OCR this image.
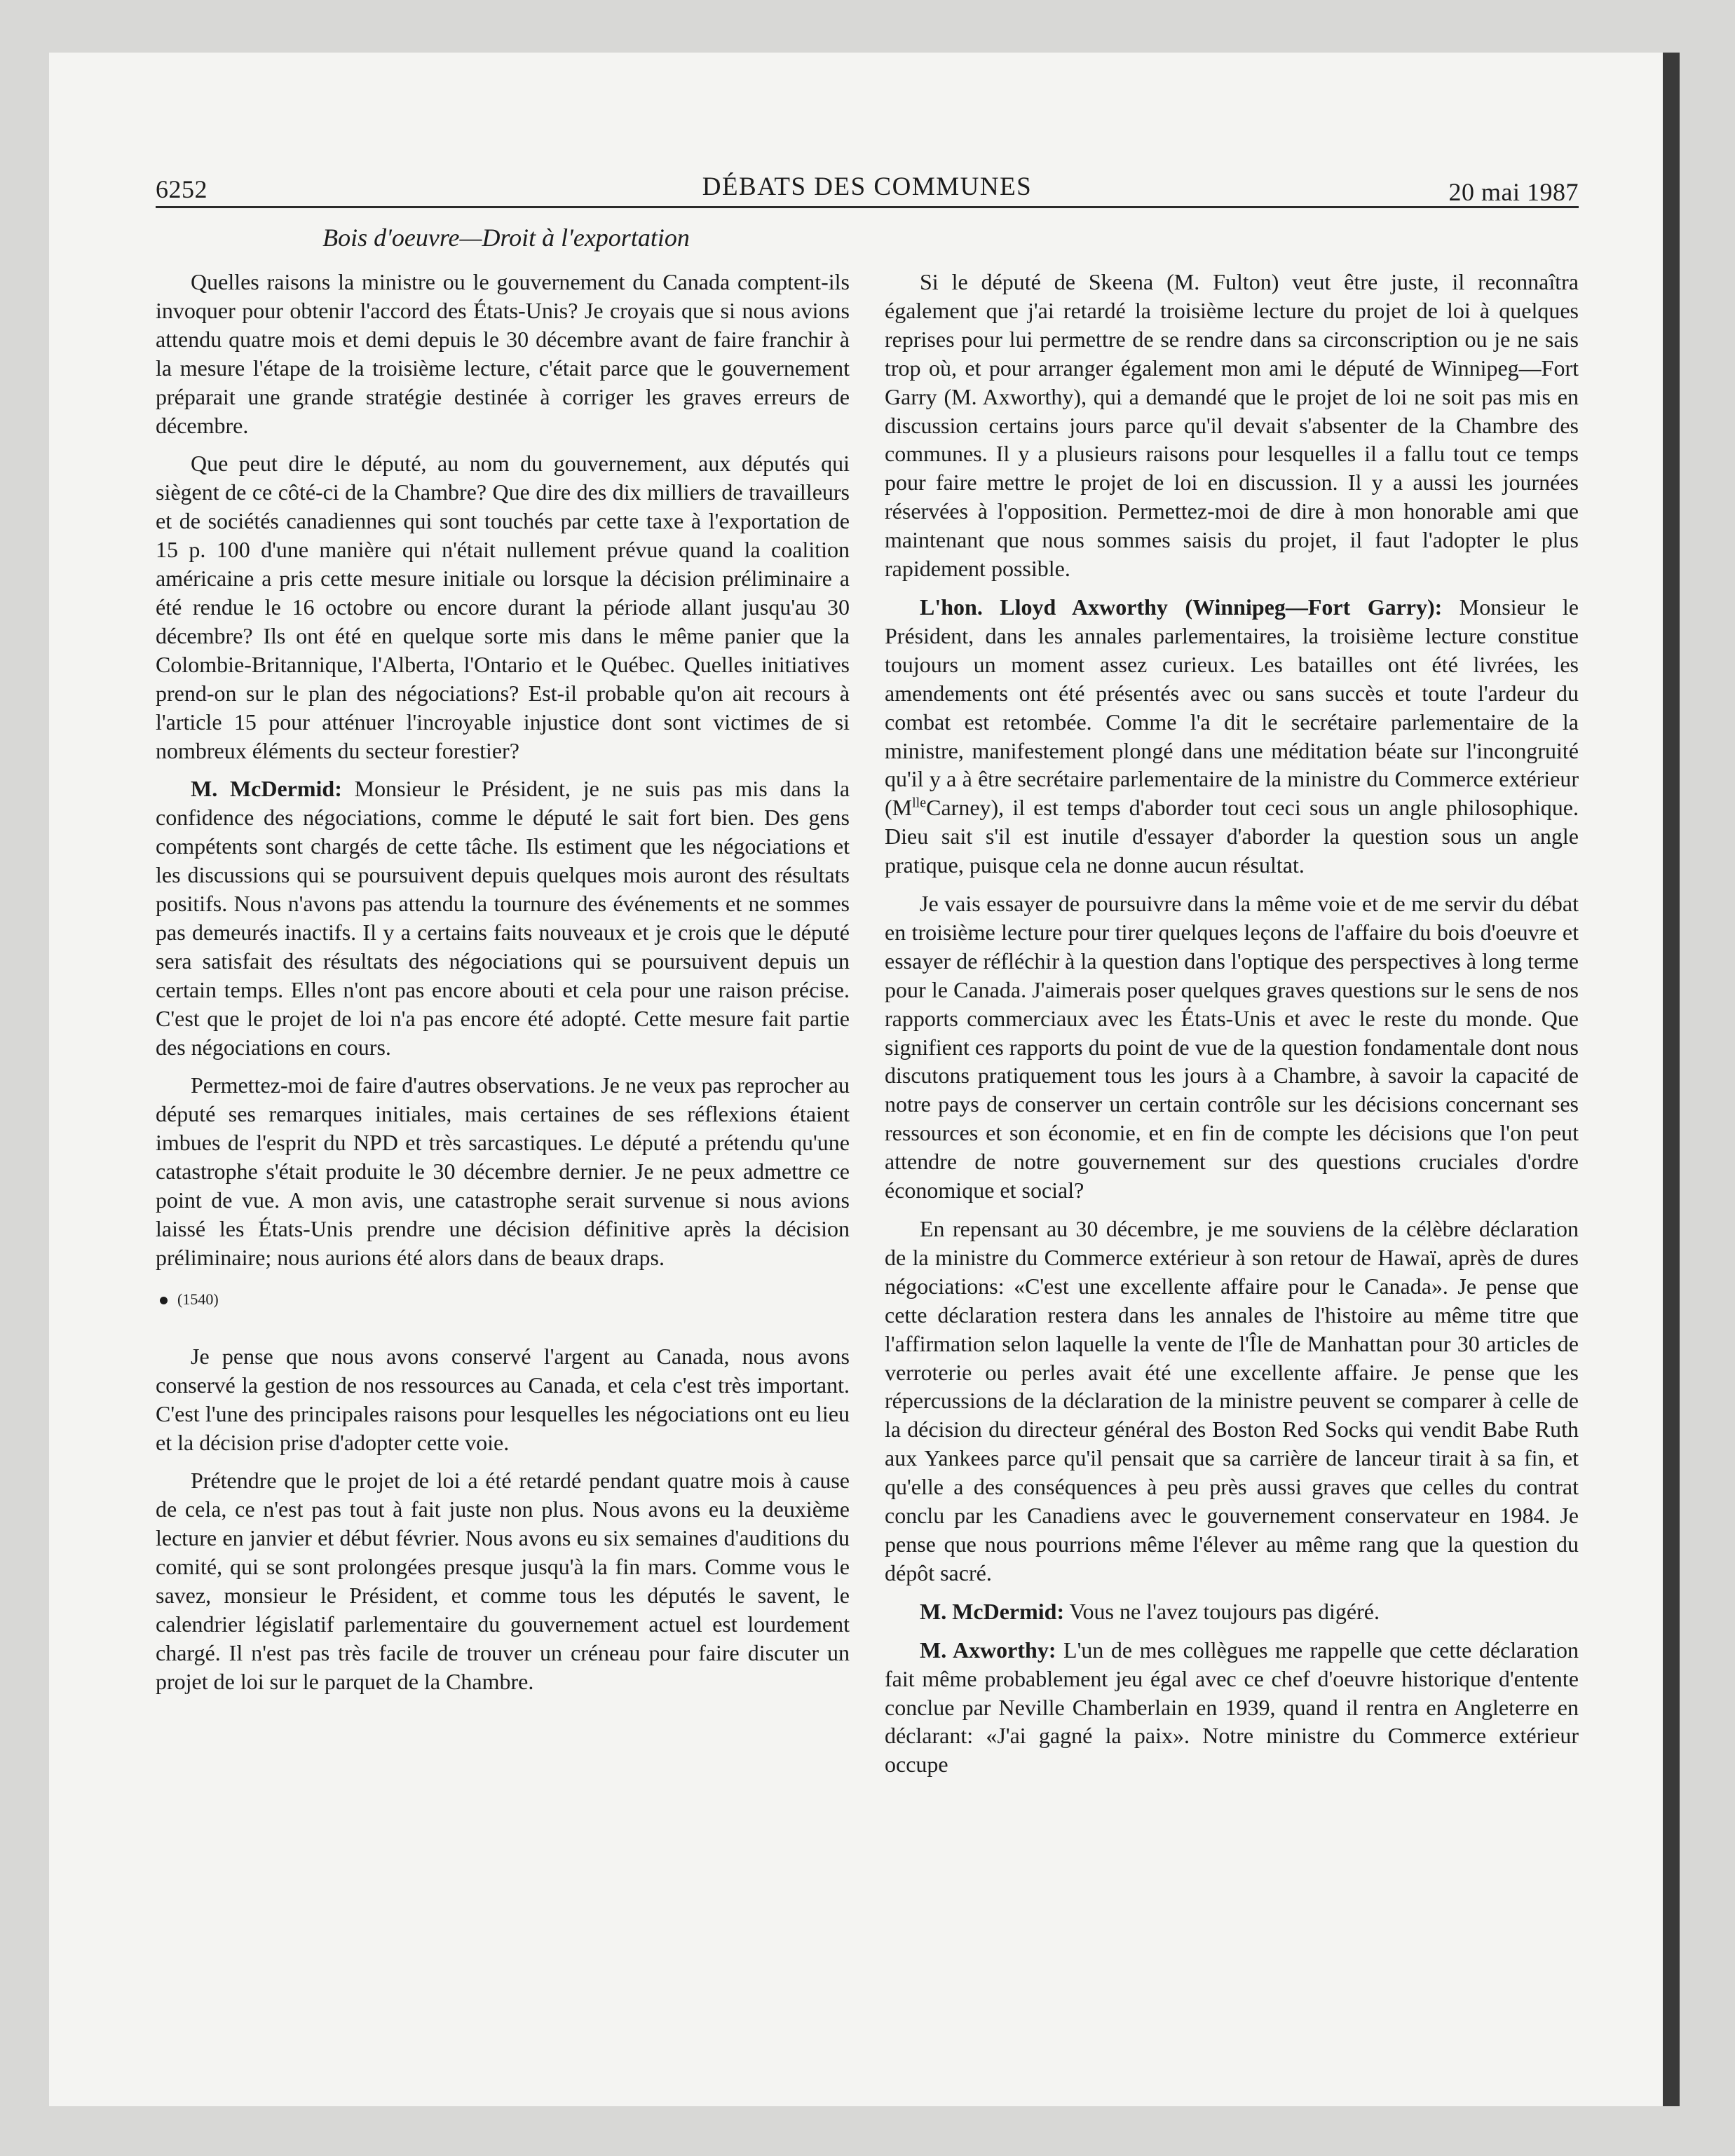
6252	DÉBATS DES COMMUNES	20 mai 1987
Bois d'oeuvre—Droit à l'exportation

Quelles raisons la ministre ou le gouvernement du Canada comptent-ils invoquer pour obtenir l'accord des États-Unis? Je croyais que si nous avions attendu quatre mois et demi depuis le 30 décembre avant de faire franchir à la mesure l'étape de la troisième lecture, c'était parce que le gouvernement préparait une grande stratégie destinée à corriger les graves erreurs de décembre.

Que peut dire le député, au nom du gouvernement, aux députés qui siègent de ce côté-ci de la Chambre? Que dire des dix milliers de travailleurs et de sociétés canadiennes qui sont touchés par cette taxe à l'exportation de 15 p. 100 d'une manière qui n'était nullement prévue quand la coalition américaine a pris cette mesure initiale ou lorsque la décision préliminaire a été rendue le 16 octobre ou encore durant la période allant jusqu'au 30 décembre? Ils ont été en quelque sorte mis dans le même panier que la Colombie-Britannique, l'Alberta, l'Ontario et le Québec. Quelles initiatives prend-on sur le plan des négociations? Est-il probable qu'on ait recours à l'article 15 pour atténuer l'incroyable injustice dont sont victimes de si nombreux éléments du secteur forestier?

M. McDermid: Monsieur le Président, je ne suis pas mis dans la confidence des négociations, comme le député le sait fort bien. Des gens compétents sont chargés de cette tâche. Ils estiment que les négociations et les discussions qui se poursuivent depuis quelques mois auront des résultats positifs. Nous n'avons pas attendu la tournure des événements et ne sommes pas demeurés inactifs. Il y a certains faits nouveaux et je crois que le député sera satisfait des résultats des négociations qui se poursuivent depuis un certain temps. Elles n'ont pas encore abouti et cela pour une raison précise. C'est que le projet de loi n'a pas encore été adopté. Cette mesure fait partie des négociations en cours.

Permettez-moi de faire d'autres observations. Je ne veux pas reprocher au député ses remarques initiales, mais certaines de ses réflexions étaient imbues de l'esprit du NPD et très sarcastiques. Le député a prétendu qu'une catastrophe s'était produite le 30 décembre dernier. Je ne peux admettre ce point de vue. A mon avis, une catastrophe serait survenue si nous avions laissé les États-Unis prendre une décision définitive après la décision préliminaire; nous aurions été alors dans de beaux draps.

(1540)

Je pense que nous avons conservé l'argent au Canada, nous avons conservé la gestion de nos ressources au Canada, et cela c'est très important. C'est l'une des principales raisons pour lesquelles les négociations ont eu lieu et la décision prise d'adopter cette voie.

Prétendre que le projet de loi a été retardé pendant quatre mois à cause de cela, ce n'est pas tout à fait juste non plus. Nous avons eu la deuxième lecture en janvier et début février. Nous avons eu six semaines d'auditions du comité, qui se sont prolongées presque jusqu'à la fin mars. Comme vous le savez, monsieur le Président, et comme tous les députés le savent, le calendrier législatif parlementaire du gouvernement actuel est lourdement chargé. Il n'est pas très facile de trouver un créneau pour faire discuter un projet de loi sur le parquet de la Chambre.

Si le député de Skeena (M. Fulton) veut être juste, il reconnaîtra également que j'ai retardé la troisième lecture du projet de loi à quelques reprises pour lui permettre de se rendre dans sa circonscription ou je ne sais trop où, et pour arranger également mon ami le député de Winnipeg—Fort Garry (M. Axworthy), qui a demandé que le projet de loi ne soit pas mis en discussion certains jours parce qu'il devait s'absenter de la Chambre des communes. Il y a plusieurs raisons pour lesquelles il a fallu tout ce temps pour faire mettre le projet de loi en discussion. Il y a aussi les journées réservées à l'opposition. Permettez-moi de dire à mon honorable ami que maintenant que nous sommes saisis du projet, il faut l'adopter le plus rapidement possible.

L'hon. Lloyd Axworthy (Winnipeg—Fort Garry): Monsieur le Président, dans les annales parlementaires, la troisième lecture constitue toujours un moment assez curieux. Les batailles ont été livrées, les amendements ont été présentés avec ou sans succès et toute l'ardeur du combat est retombée. Comme l'a dit le secrétaire parlementaire de la ministre, manifestement plongé dans une méditation béate sur l'incongruité qu'il y a à être secrétaire parlementaire de la ministre du Commerce extérieur $(M^{lle}Carney)$, il est temps d'aborder tout ceci sous un angle philosophique. Dieu sait s'il est inutile d'essayer d'aborder la question sous un angle pratique, puisque cela ne donne aucun résultat.

Je vais essayer de poursuivre dans la même voie et de me servir du débat en troisième lecture pour tirer quelques leçons de l'affaire du bois d'oeuvre et essayer de réfléchir à la question dans l'optique des perspectives à long terme pour le Canada. J'aimerais poser quelques graves questions sur le sens de nos rapports commerciaux avec les États-Unis et avec le reste du monde. Que signifient ces rapports du point de vue de la question fondamentale dont nous discutons pratiquement tous les jours à a Chambre, à savoir la capacité de notre pays de conserver un certain contrôle sur les décisions concernant ses ressources et son économie, et en fin de compte les décisions que l'on peut attendre de notre gouvernement sur des questions cruciales d'ordre économique et social?

En repensant au 30 décembre, je me souviens de la célèbre déclaration de la ministre du Commerce extérieur à son retour de Hawaï, après de dures négociations: «C'est une excellente affaire pour le Canada». Je pense que cette déclaration restera dans les annales de l'histoire au même titre que l'affirmation selon laquelle la vente de l'Île de Manhattan pour 30 articles de verroterie ou perles avait été une excellente affaire. Je pense que les répercussions de la déclaration de la ministre peuvent se comparer à celle de la décision du directeur général des Boston Red Socks qui vendit Babe Ruth aux Yankees parce qu'il pensait que sa carrière de lanceur tirait à sa fin, et qu'elle a des conséquences à peu près aussi graves que celles du contrat conclu par les Canadiens avec le gouvernement conservateur en 1984. Je pense que nous pourrions même l'élever au même rang que la question du dépôt sacré.

M. McDermid: Vous ne l'avez toujours pas digéré.

M. Axworthy: L'un de mes collègues me rappelle que cette déclaration fait même probablement jeu égal avec ce chef d'oeuvre historique d'entente conclue par Neville Chamberlain en 1939, quand il rentra en Angleterre en déclarant: «J'ai gagné la paix». Notre ministre du Commerce extérieur occupe
